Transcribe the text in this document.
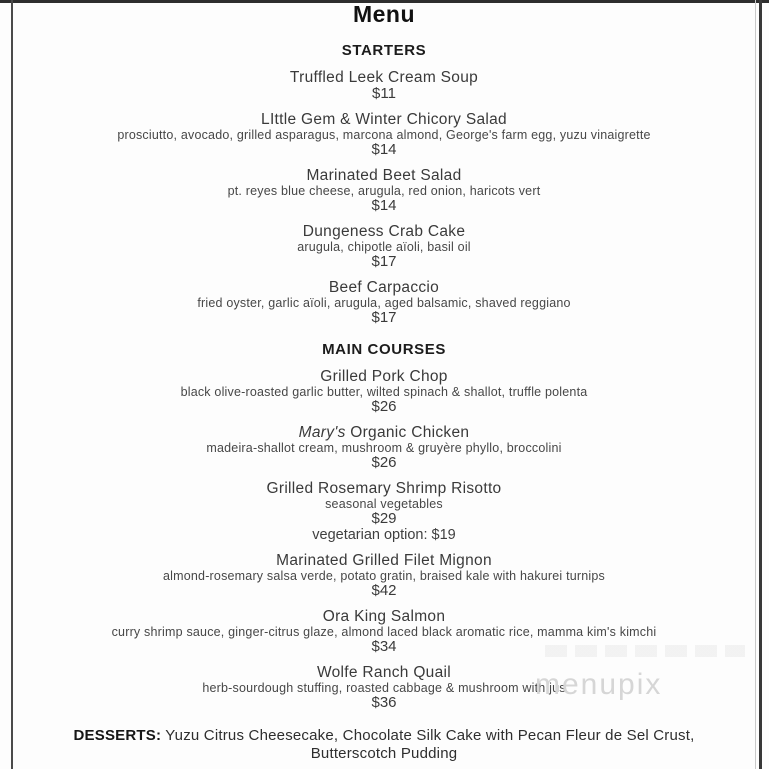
Menu
STARTERS
Truffled Leek Cream Soup
$11
LIttle Gem & Winter Chicory Salad
prosciutto, avocado, grilled asparagus, marcona almond, George's farm egg, yuzu vinaigrette
$14
Marinated Beet Salad
pt. reyes blue cheese, arugula, red onion, haricots vert
$14
Dungeness Crab Cake
arugula, chipotle aïoli, basil oil
$17
Beef Carpaccio
fried oyster, garlic aïoli, arugula, aged balsamic, shaved reggiano
$17
MAIN COURSES
Grilled Pork Chop
black olive-roasted garlic butter, wilted spinach & shallot, truffle polenta
$26
Mary's Organic Chicken
madeira-shallot cream, mushroom & gruyère phyllo, broccolini
$26
Grilled Rosemary Shrimp Risotto
seasonal vegetables
$29
vegetarian option: $19
Marinated Grilled Filet Mignon
almond-rosemary salsa verde, potato gratin, braised kale with hakurei turnips
$42
Ora King Salmon
curry shrimp sauce, ginger-citrus glaze, almond laced black aromatic rice, mamma kim's kimchi
$34
Wolfe Ranch Quail
herb-sourdough stuffing, roasted cabbage & mushroom with jus
$36
DESSERTS: Yuzu Citrus Cheesecake, Chocolate Silk Cake with Pecan Fleur de Sel Crust, Butterscotch Pudding
menupix
